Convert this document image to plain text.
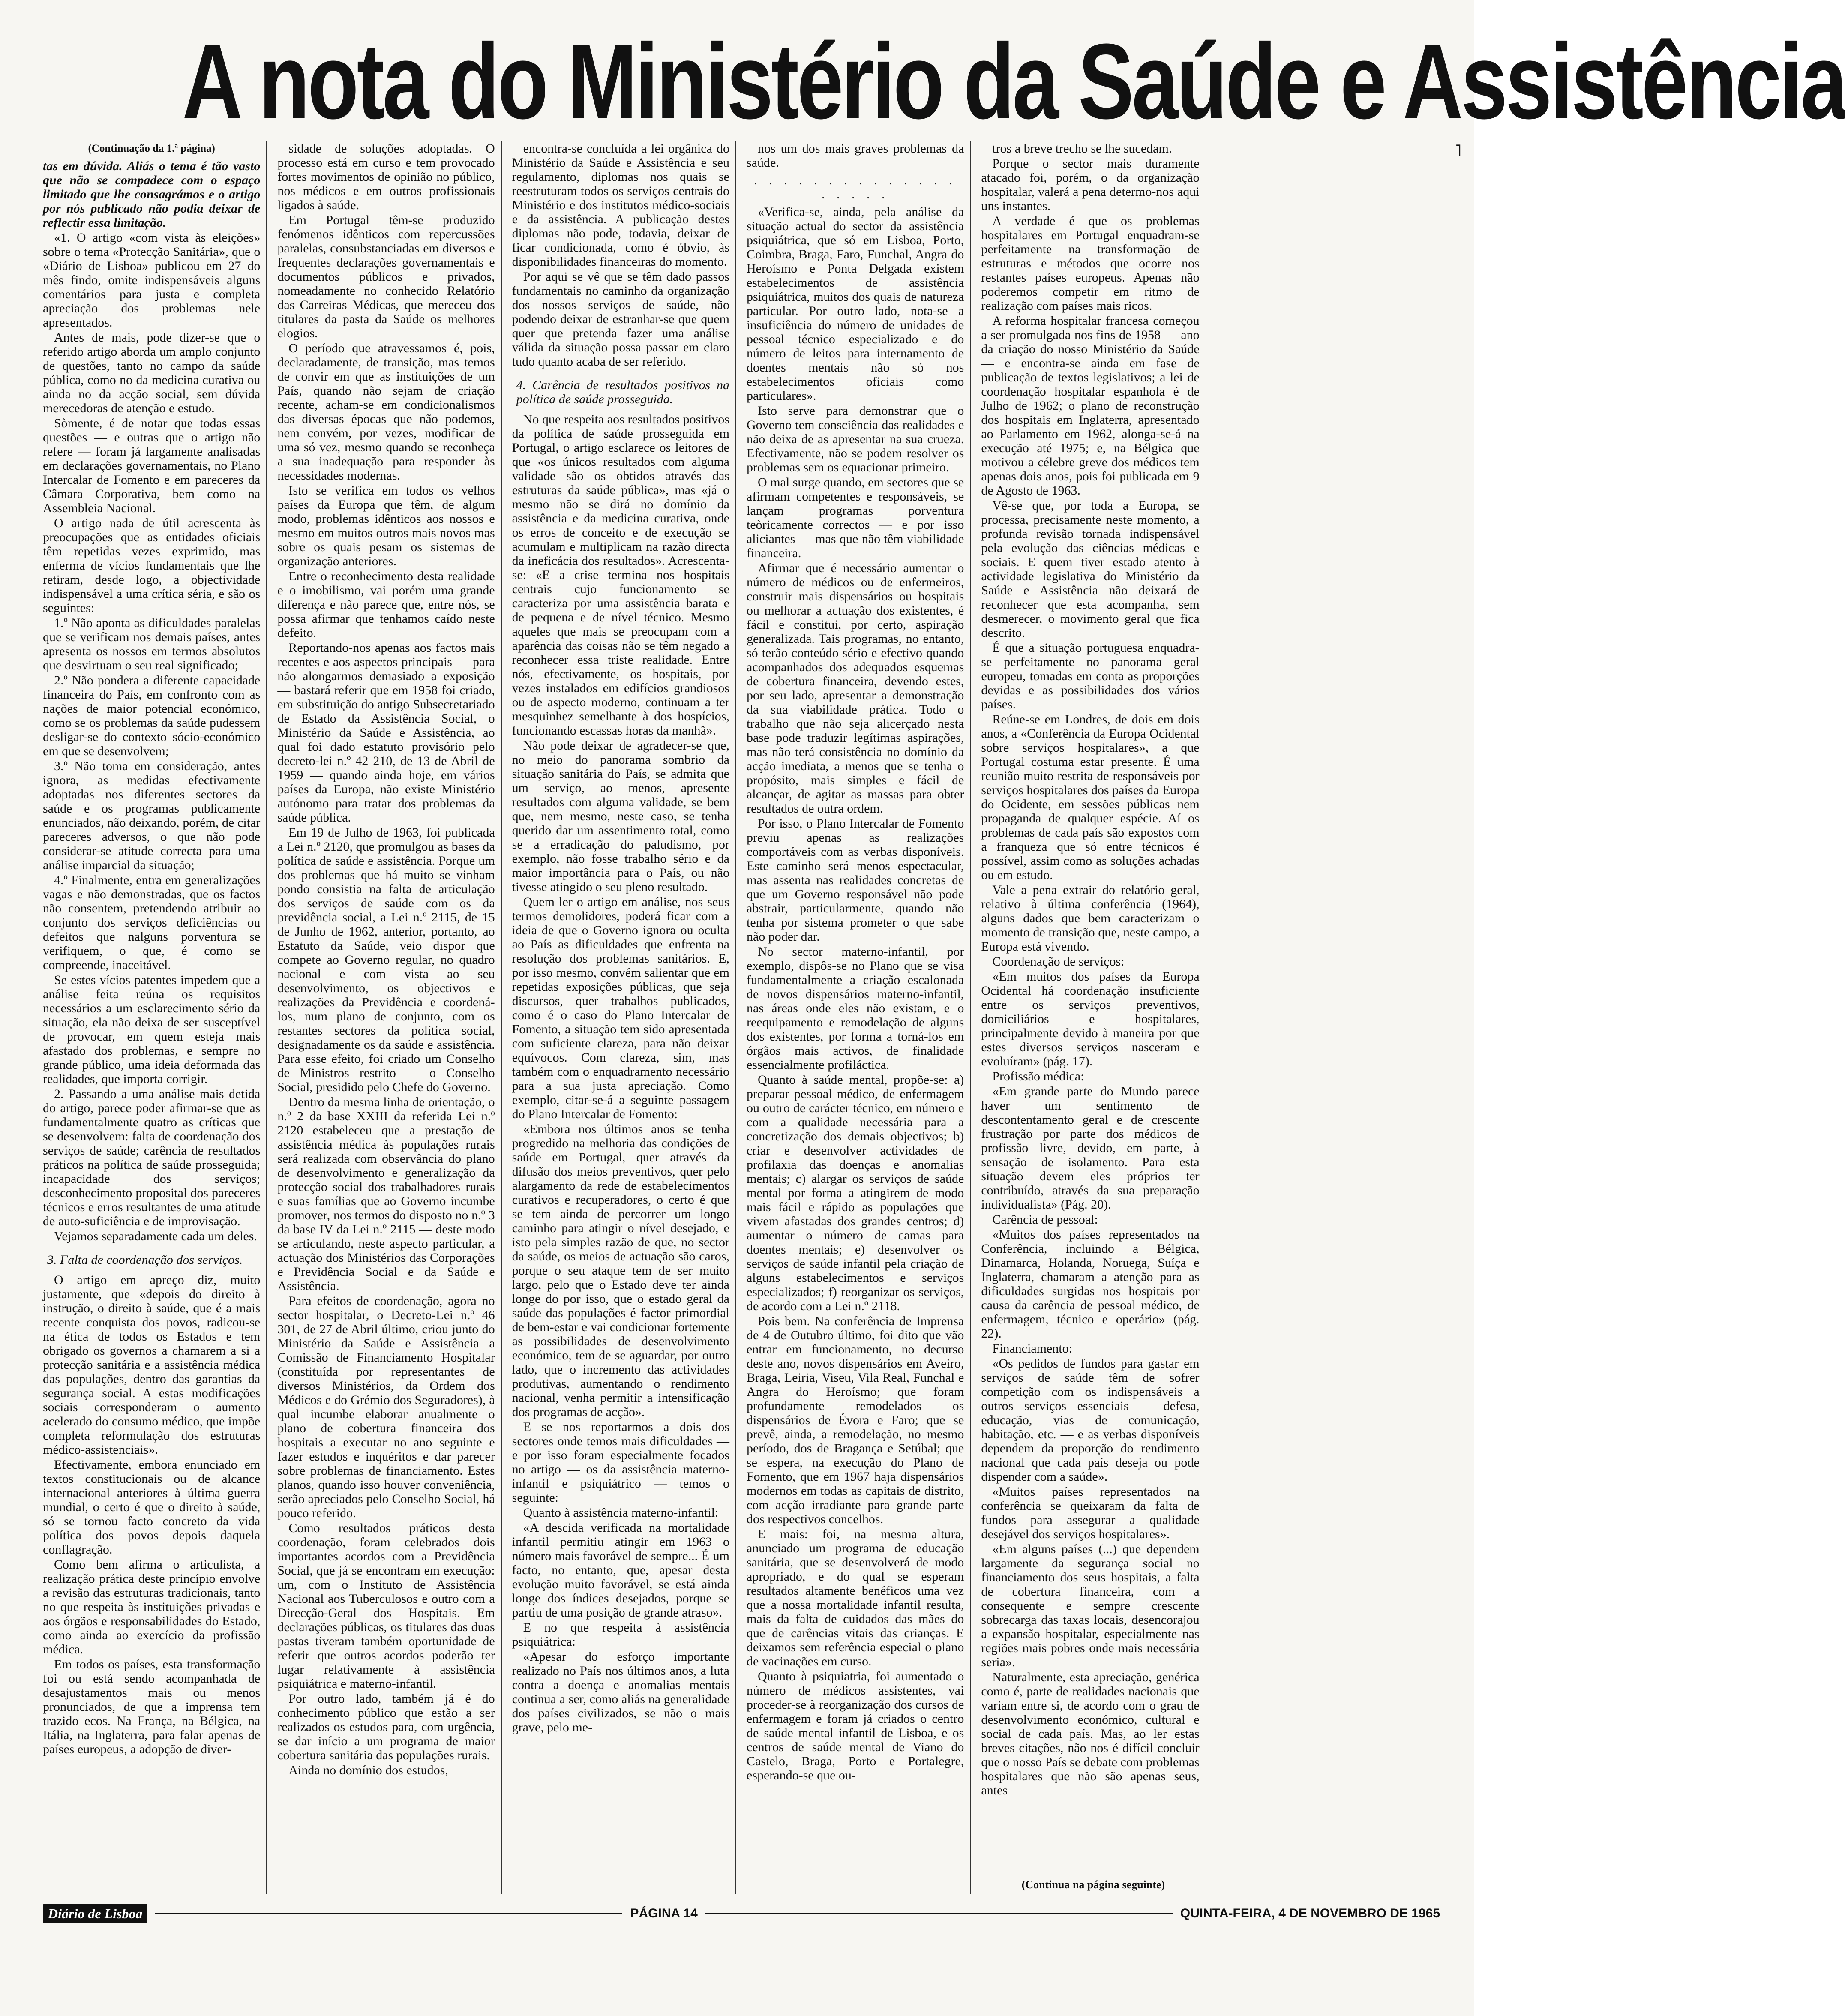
A nota do Ministério da Saúde e Assistência
˥
(Continuação da 1.ª página)

tas em dúvida. Aliás o tema é tão vasto que não se compadece com o espaço limitado que lhe consagrámos e o artigo por nós publicado não podia deixar de reflectir essa limitação.

«1. O artigo «com vista às eleições» sobre o tema «Protecção Sanitária», que o «Diário de Lisboa» publicou em 27 do mês findo, omite indispensáveis alguns comentários para justa e completa apreciação dos problemas nele apresentados.

Antes de mais, pode dizer-se que o referido artigo aborda um amplo conjunto de questões, tanto no campo da saúde pública, como no da medicina curativa ou ainda no da acção social, sem dúvida merecedoras de atenção e estudo.

Sòmente, é de notar que todas essas questões — e outras que o artigo não refere — foram já largamente analisadas em declarações governamentais, no Plano Intercalar de Fomento e em pareceres da Câmara Corporativa, bem como na Assembleia Nacional.

O artigo nada de útil acrescenta às preocupações que as entidades oficiais têm repetidas vezes exprimido, mas enferma de vícios fundamentais que lhe retiram, desde logo, a objectividade indispensável a uma crítica séria, e são os seguintes:

1.º Não aponta as dificuldades paralelas que se verificam nos demais países, antes apresenta os nossos em termos absolutos que desvirtuam o seu real significado;

2.º Não pondera a diferente capacidade financeira do País, em confronto com as nações de maior potencial económico, como se os problemas da saúde pudessem desligar-se do contexto sócio-económico em que se desenvolvem;

3.º Não toma em consideração, antes ignora, as medidas efectivamente adoptadas nos diferentes sectores da saúde e os programas publicamente enunciados, não deixando, porém, de citar pareceres adversos, o que não pode considerar-se atitude correcta para uma análise imparcial da situação;

4.º Finalmente, entra em generalizações vagas e não demonstradas, que os factos não consentem, pretendendo atribuir ao conjunto dos serviços deficiências ou defeitos que nalguns porventura se verifiquem, o que, é como se compreende, inaceitável.

Se estes vícios patentes impedem que a análise feita reúna os requisitos necessários a um esclarecimento sério da situação, ela não deixa de ser susceptível de provocar, em quem esteja mais afastado dos problemas, e sempre no grande público, uma ideia deformada das realidades, que importa corrigir.

2. Passando a uma análise mais detida do artigo, parece poder afirmar-se que as fundamentalmente quatro as críticas que se desenvolvem: falta de coordenação dos serviços de saúde; carência de resultados práticos na política de saúde prosseguida; incapacidade dos serviços; desconhecimento proposital dos pareceres técnicos e erros resultantes de uma atitude de auto-suficiência e de improvisação.

Vejamos separadamente cada um deles.

3. Falta de coordenação dos serviços.

O artigo em apreço diz, muito justamente, que «depois do direito à instrução, o direito à saúde, que é a mais recente conquista dos povos, radicou-se na ética de todos os Estados e tem obrigado os governos a chamarem a si a protecção sanitária e a assistência médica das populações, dentro das garantias da segurança social. A estas modificações sociais corresponderam o aumento acelerado do consumo médico, que impõe completa reformulação dos estruturas médico-assistenciais».

Efectivamente, embora enunciado em textos constitucionais ou de alcance internacional anteriores à última guerra mundial, o certo é que o direito à saúde, só se tornou facto concreto da vida política dos povos depois daquela conflagração.

Como bem afirma o articulista, a realização prática deste princípio envolve a revisão das estruturas tradicionais, tanto no que respeita às instituições privadas e aos órgãos e responsabilidades do Estado, como ainda ao exercício da profissão médica.

Em todos os países, esta transformação foi ou está sendo acompanhada de desajustamentos mais ou menos pronunciados, de que a imprensa tem trazido ecos. Na França, na Bélgica, na Itália, na Inglaterra, para falar apenas de países europeus, a adopção de diver-

sidade de soluções adoptadas. O processo está em curso e tem provocado fortes movimentos de opinião no público, nos médicos e em outros profissionais ligados à saúde.

Em Portugal têm-se produzido fenómenos idênticos com repercussões paralelas, consubstanciadas em diversos e frequentes declarações governamentais e documentos públicos e privados, nomeadamente no conhecido Relatório das Carreiras Médicas, que mereceu dos titulares da pasta da Saúde os melhores elogios.

O período que atravessamos é, pois, declaradamente, de transição, mas temos de convir em que as instituições de um País, quando não sejam de criação recente, acham-se em condicionalismos das diversas épocas que não podemos, nem convém, por vezes, modificar de uma só vez, mesmo quando se reconheça a sua inadequação para responder às necessidades modernas.

Isto se verifica em todos os velhos países da Europa que têm, de algum modo, problemas idênticos aos nossos e mesmo em muitos outros mais novos mas sobre os quais pesam os sistemas de organização anteriores.

Entre o reconhecimento desta realidade e o imobilismo, vai porém uma grande diferença e não parece que, entre nós, se possa afirmar que tenhamos caído neste defeito.

Reportando-nos apenas aos factos mais recentes e aos aspectos principais — para não alongarmos demasiado a exposição — bastará referir que em 1958 foi criado, em substituição do antigo Subsecretariado de Estado da Assistência Social, o Ministério da Saúde e Assistência, ao qual foi dado estatuto provisório pelo decreto-lei n.º 42 210, de 13 de Abril de 1959 — quando ainda hoje, em vários países da Europa, não existe Ministério autónomo para tratar dos problemas da saúde pública.

Em 19 de Julho de 1963, foi publicada a Lei n.º 2120, que promulgou as bases da política de saúde e assistência. Porque um dos problemas que há muito se vinham pondo consistia na falta de articulação dos serviços de saúde com os da previdência social, a Lei n.º 2115, de 15 de Junho de 1962, anterior, portanto, ao Estatuto da Saúde, veio dispor que compete ao Governo regular, no quadro nacional e com vista ao seu desenvolvimento, os objectivos e realizações da Previdência e coordená-los, num plano de conjunto, com os restantes sectores da política social, designadamente os da saúde e assistência. Para esse efeito, foi criado um Conselho de Ministros restrito — o Conselho Social, presidido pelo Chefe do Governo.

Dentro da mesma linha de orientação, o n.º 2 da base XXIII da referida Lei n.º 2120 estabeleceu que a prestação de assistência médica às populações rurais será realizada com observância do plano de desenvolvimento e generalização da protecção social dos trabalhadores rurais e suas famílias que ao Governo incumbe promover, nos termos do disposto no n.º 3 da base IV da Lei n.º 2115 — deste modo se articulando, neste aspecto particular, a actuação dos Ministérios das Corporações e Previdência Social e da Saúde e Assistência.

Para efeitos de coordenação, agora no sector hospitalar, o Decreto-Lei n.º 46 301, de 27 de Abril último, criou junto do Ministério da Saúde e Assistência a Comissão de Financiamento Hospitalar (constituída por representantes de diversos Ministérios, da Ordem dos Médicos e do Grémio dos Seguradores), à qual incumbe elaborar anualmente o plano de cobertura financeira dos hospitais a executar no ano seguinte e fazer estudos e inquéritos e dar parecer sobre problemas de financiamento. Estes planos, quando isso houver conveniência, serão apreciados pelo Conselho Social, há pouco referido.

Como resultados práticos desta coordenação, foram celebrados dois importantes acordos com a Previdência Social, que já se encontram em execução: um, com o Instituto de Assistência Nacional aos Tuberculosos e outro com a Direcção-Geral dos Hospitais. Em declarações públicas, os titulares das duas pastas tiveram também oportunidade de referir que outros acordos poderão ter lugar relativamente à assistência psiquiátrica e materno-infantil.

Por outro lado, também já é do conhecimento público que estão a ser realizados os estudos para, com urgência, se dar início a um programa de maior cobertura sanitária das populações rurais.

Ainda no domínio dos estudos,

encontra-se concluída a lei orgânica do Ministério da Saúde e Assistência e seu regulamento, diplomas nos quais se reestruturam todos os serviços centrais do Ministério e dos institutos médico-sociais e da assistência. A publicação destes diplomas não pode, todavia, deixar de ficar condicionada, como é óbvio, às disponibilidades financeiras do momento.

Por aqui se vê que se têm dado passos fundamentais no caminho da organização dos nossos serviços de saúde, não podendo deixar de estranhar-se que quem quer que pretenda fazer uma análise válida da situação possa passar em claro tudo quanto acaba de ser referido.

4. Carência de resultados positivos na política de saúde prosseguida.

No que respeita aos resultados positivos da política de saúde prosseguida em Portugal, o artigo esclarece os leitores de que «os únicos resultados com alguma validade são os obtidos através das estruturas da saúde pública», mas «já o mesmo não se dirá no domínio da assistência e da medicina curativa, onde os erros de conceito e de execução se acumulam e multiplicam na razão directa da ineficácia dos resultados». Acrescenta-se: «E a crise termina nos hospitais centrais cujo funcionamento se caracteriza por uma assistência barata e de pequena e de nível técnico. Mesmo aqueles que mais se preocupam com a aparência das coisas não se têm negado a reconhecer essa triste realidade. Entre nós, efectivamente, os hospitais, por vezes instalados em edifícios grandiosos ou de aspecto moderno, continuam a ter mesquinhez semelhante à dos hospícios, funcionando escassas horas da manhã».

Não pode deixar de agradecer-se que, no meio do panorama sombrio da situação sanitária do País, se admita que um serviço, ao menos, apresente resultados com alguma validade, se bem que, nem mesmo, neste caso, se tenha querido dar um assentimento total, como se a erradicação do paludismo, por exemplo, não fosse trabalho sério e da maior importância para o País, ou não tivesse atingido o seu pleno resultado.

Quem ler o artigo em análise, nos seus termos demolidores, poderá ficar com a ideia de que o Governo ignora ou oculta ao País as dificuldades que enfrenta na resolução dos problemas sanitários. E, por isso mesmo, convém salientar que em repetidas exposições públicas, que seja discursos, quer trabalhos publicados, como é o caso do Plano Intercalar de Fomento, a situação tem sido apresentada com suficiente clareza, para não deixar equívocos. Com clareza, sim, mas também com o enquadramento necessário para a sua justa apreciação. Como exemplo, citar-se-á a seguinte passagem do Plano Intercalar de Fomento:

«Embora nos últimos anos se tenha progredido na melhoria das condições de saúde em Portugal, quer através da difusão dos meios preventivos, quer pelo alargamento da rede de estabelecimentos curativos e recuperadores, o certo é que se tem ainda de percorrer um longo caminho para atingir o nível desejado, e isto pela simples razão de que, no sector da saúde, os meios de actuação são caros, porque o seu ataque tem de ser muito largo, pelo que o Estado deve ter ainda longe do por isso, que o estado geral da saúde das populações é factor primordial de bem-estar e vai condicionar fortemente as possibilidades de desenvolvimento económico, tem de se aguardar, por outro lado, que o incremento das actividades produtivas, aumentando o rendimento nacional, venha permitir a intensificação dos programas de acção».

E se nos reportarmos a dois dos sectores onde temos mais dificuldades — e por isso foram especialmente focados no artigo — os da assistência materno-infantil e psiquiátrico — temos o seguinte:

Quanto à assistência materno-infantil:

«A descida verificada na mortalidade infantil permitiu atingir em 1963 o número mais favorável de sempre... É um facto, no entanto, que, apesar desta evolução muito favorável, se está ainda longe dos índices desejados, porque se partiu de uma posição de grande atraso».

E no que respeita à assistência psiquiátrica:

«Apesar do esforço importante realizado no País nos últimos anos, a luta contra a doença e anomalias mentais continua a ser, como aliás na generalidade dos países civilizados, se não o mais grave, pelo me-

nos um dos mais graves problemas da saúde.

. . . . . . . . . . . . . . . . . . .

«Verifica-se, ainda, pela análise da situação actual do sector da assistência psiquiátrica, que só em Lisboa, Porto, Coimbra, Braga, Faro, Funchal, Angra do Heroísmo e Ponta Delgada existem estabelecimentos de assistência psiquiátrica, muitos dos quais de natureza particular. Por outro lado, nota-se a insuficiência do número de unidades de pessoal técnico especializado e do número de leitos para internamento de doentes mentais não só nos estabelecimentos oficiais como particulares».

Isto serve para demonstrar que o Governo tem consciência das realidades e não deixa de as apresentar na sua crueza. Efectivamente, não se podem resolver os problemas sem os equacionar primeiro.

O mal surge quando, em sectores que se afirmam competentes e responsáveis, se lançam programas porventura teòricamente correctos — e por isso aliciantes — mas que não têm viabilidade financeira.

Afirmar que é necessário aumentar o número de médicos ou de enfermeiros, construir mais dispensários ou hospitais ou melhorar a actuação dos existentes, é fácil e constitui, por certo, aspiração generalizada. Tais programas, no entanto, só terão conteúdo sério e efectivo quando acompanhados dos adequados esquemas de cobertura financeira, devendo estes, por seu lado, apresentar a demonstração da sua viabilidade prática. Todo o trabalho que não seja alicerçado nesta base pode traduzir legítimas aspirações, mas não terá consistência no domínio da acção imediata, a menos que se tenha o propósito, mais simples e fácil de alcançar, de agitar as massas para obter resultados de outra ordem.

Por isso, o Plano Intercalar de Fomento previu apenas as realizações comportáveis com as verbas disponíveis. Este caminho será menos espectacular, mas assenta nas realidades concretas de que um Governo responsável não pode abstrair, particularmente, quando não tenha por sistema prometer o que sabe não poder dar.

No sector materno-infantil, por exemplo, dispôs-se no Plano que se visa fundamentalmente a criação escalonada de novos dispensários materno-infantil, nas áreas onde eles não existam, e o reequipamento e remodelação de alguns dos existentes, por forma a torná-los em órgãos mais activos, de finalidade essencialmente profiláctica.

Quanto à saúde mental, propõe-se: a) preparar pessoal médico, de enfermagem ou outro de carácter técnico, em número e com a qualidade necessária para a concretização dos demais objectivos; b) criar e desenvolver actividades de profilaxia das doenças e anomalias mentais; c) alargar os serviços de saúde mental por forma a atingirem de modo mais fácil e rápido as populações que vivem afastadas dos grandes centros; d) aumentar o número de camas para doentes mentais; e) desenvolver os serviços de saúde infantil pela criação de alguns estabelecimentos e serviços especializados; f) reorganizar os serviços, de acordo com a Lei n.º 2118.

Pois bem. Na conferência de Imprensa de 4 de Outubro último, foi dito que vão entrar em funcionamento, no decurso deste ano, novos dispensários em Aveiro, Braga, Leiria, Viseu, Vila Real, Funchal e Angra do Heroísmo; que foram profundamente remodelados os dispensários de Évora e Faro; que se prevê, ainda, a remodelação, no mesmo período, dos de Bragança e Setúbal; que se espera, na execução do Plano de Fomento, que em 1967 haja dispensários modernos em todas as capitais de distrito, com acção irradiante para grande parte dos respectivos concelhos.

E mais: foi, na mesma altura, anunciado um programa de educação sanitária, que se desenvolverá de modo apropriado, e do qual se esperam resultados altamente benéficos uma vez que a nossa mortalidade infantil resulta, mais da falta de cuidados das mães do que de carências vitais das crianças. E deixamos sem referência especial o plano de vacinações em curso.

Quanto à psiquiatria, foi aumentado o número de médicos assistentes, vai proceder-se à reorganização dos cursos de enfermagem e foram já criados o centro de saúde mental infantil de Lisboa, e os centros de saúde mental de Viano do Castelo, Braga, Porto e Portalegre, esperando-se que ou-

tros a breve trecho se lhe sucedam.

Porque o sector mais duramente atacado foi, porém, o da organização hospitalar, valerá a pena determo-nos aqui uns instantes.

A verdade é que os problemas hospitalares em Portugal enquadram-se perfeitamente na transformação de estruturas e métodos que ocorre nos restantes países europeus. Apenas não poderemos competir em ritmo de realização com países mais ricos.

A reforma hospitalar francesa começou a ser promulgada nos fins de 1958 — ano da criação do nosso Ministério da Saúde — e encontra-se ainda em fase de publicação de textos legislativos; a lei de coordenação hospitalar espanhola é de Julho de 1962; o plano de reconstrução dos hospitais em Inglaterra, apresentado ao Parlamento em 1962, alonga-se-á na execução até 1975; e, na Bélgica que motivou a célebre greve dos médicos tem apenas dois anos, pois foi publicada em 9 de Agosto de 1963.

Vê-se que, por toda a Europa, se processa, precisamente neste momento, a profunda revisão tornada indispensável pela evolução das ciências médicas e sociais. E quem tiver estado atento à actividade legislativa do Ministério da Saúde e Assistência não deixará de reconhecer que esta acompanha, sem desmerecer, o movimento geral que fica descrito.

É que a situação portuguesa enquadra-se perfeitamente no panorama geral europeu, tomadas em conta as proporções devidas e as possibilidades dos vários países.

Reúne-se em Londres, de dois em dois anos, a «Conferência da Europa Ocidental sobre serviços hospitalares», a que Portugal costuma estar presente. É uma reunião muito restrita de responsáveis por serviços hospitalares dos países da Europa do Ocidente, em sessões públicas nem propaganda de qualquer espécie. Aí os problemas de cada país são expostos com a franqueza que só entre técnicos é possível, assim como as soluções achadas ou em estudo.

Vale a pena extrair do relatório geral, relativo à última conferência (1964), alguns dados que bem caracterizam o momento de transição que, neste campo, a Europa está vivendo.

Coordenação de serviços:

«Em muitos dos países da Europa Ocidental há coordenação insuficiente entre os serviços preventivos, domiciliários e hospitalares, principalmente devido à maneira por que estes diversos serviços nasceram e evoluíram» (pág. 17).

Profissão médica:

«Em grande parte do Mundo parece haver um sentimento de descontentamento geral e de crescente frustração por parte dos médicos de profissão livre, devido, em parte, à sensação de isolamento. Para esta situação devem eles próprios ter contribuído, através da sua preparação individualista» (Pág. 20).

Carência de pessoal:

«Muitos dos países representados na Conferência, incluindo a Bélgica, Dinamarca, Holanda, Noruega, Suíça e Inglaterra, chamaram a atenção para as dificuldades surgidas nos hospitais por causa da carência de pessoal médico, de enfermagem, técnico e operário» (pág. 22).

Financiamento:

«Os pedidos de fundos para gastar em serviços de saúde têm de sofrer competição com os indispensáveis a outros serviços essenciais — defesa, educação, vias de comunicação, habitação, etc. — e as verbas disponíveis dependem da proporção do rendimento nacional que cada país deseja ou pode dispender com a saúde».

«Muitos países representados na conferência se queixaram da falta de fundos para assegurar a qualidade desejável dos serviços hospitalares».

«Em alguns países (...) que dependem largamente da segurança social no financiamento dos seus hospitais, a falta de cobertura financeira, com a consequente e sempre crescente sobrecarga das taxas locais, desencorajou a expansão hospitalar, especialmente nas regiões mais pobres onde mais necessária seria».

Naturalmente, esta apreciação, genérica como é, parte de realidades nacionais que variam entre si, de acordo com o grau de desenvolvimento económico, cultural e social de cada país. Mas, ao ler estas breves citações, não nos é difícil concluir que o nosso País se debate com problemas hospitalares que não são apenas seus, antes

(Continua na página seguinte)
Diário de Lisboa	PÁGINA 14	QUINTA-FEIRA, 4 DE NOVEMBRO DE 1965
